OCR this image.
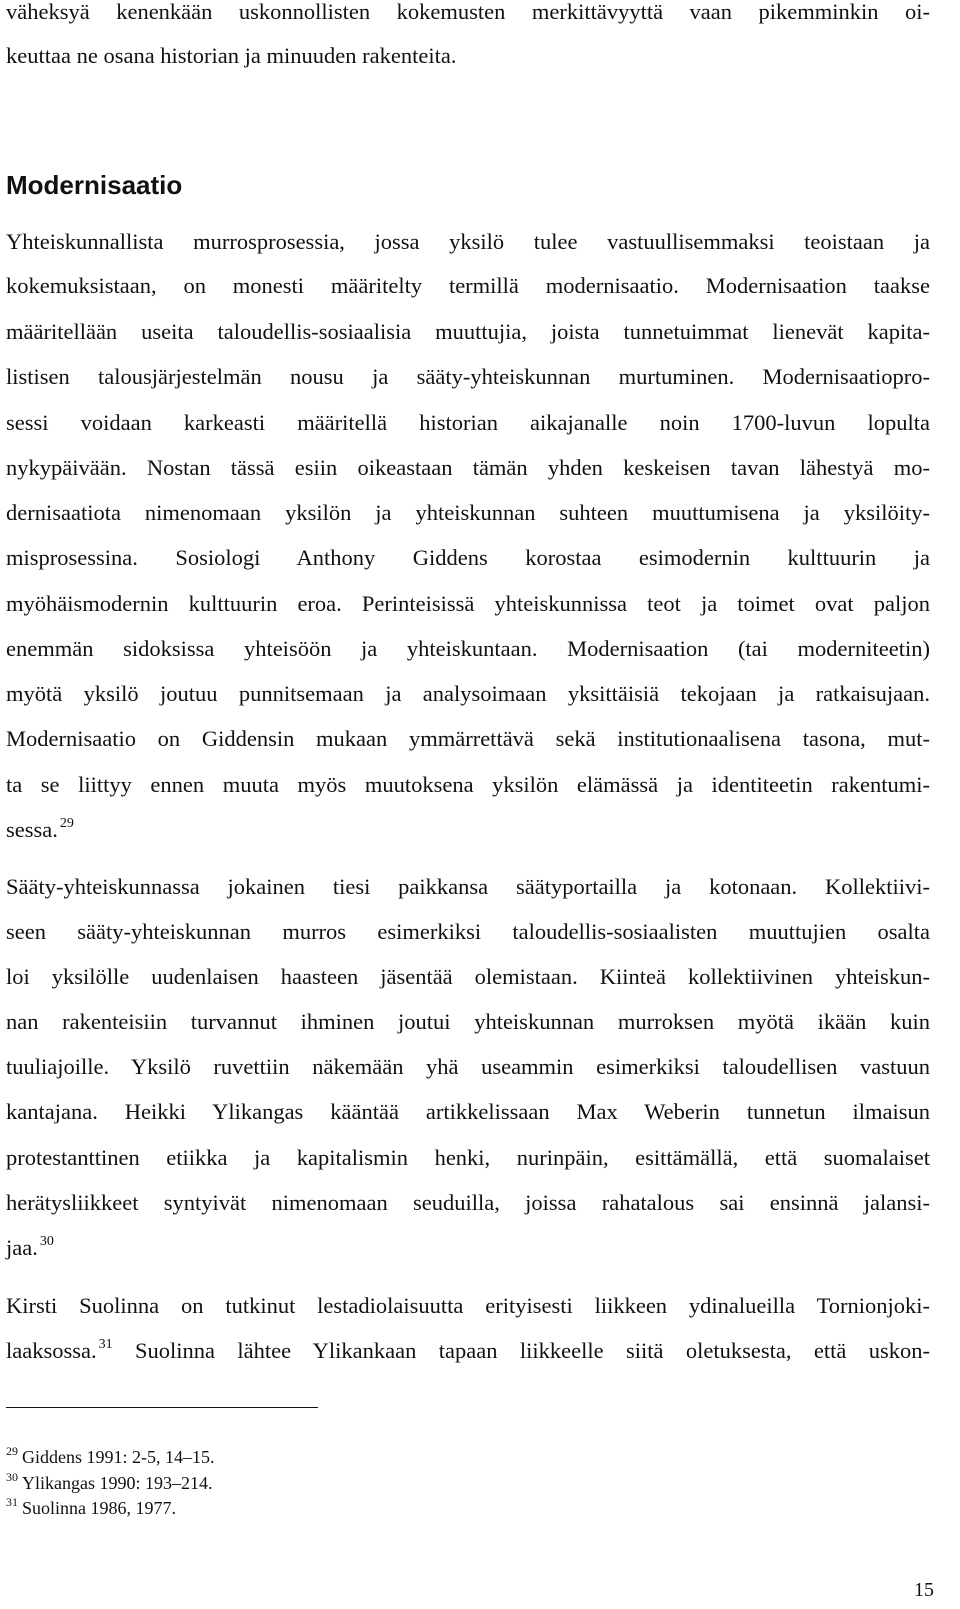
väheksyä kenenkään uskonnollisten kokemusten merkittävyyttä vaan pikemminkin oi-
keuttaa ne osana historian ja minuuden rakenteita.
Modernisaatio
Yhteiskunnallista murrosprosessia, jossa yksilö tulee vastuullisemmaksi teoistaan ja
kokemuksistaan, on monesti määritelty termillä modernisaatio. Modernisaation taakse
määritellään useita taloudellis-sosiaalisia muuttujia, joista tunnetuimmat lienevät kapita-
listisen talousjärjestelmän nousu ja sääty-yhteiskunnan murtuminen. Modernisaatiopro-
sessi voidaan karkeasti määritellä historian aikajanalle noin 1700-luvun lopulta
nykypäivään. Nostan tässä esiin oikeastaan tämän yhden keskeisen tavan lähestyä mo-
dernisaatiota nimenomaan yksilön ja yhteiskunnan suhteen muuttumisena ja yksilöity-
misprosessina. Sosiologi Anthony Giddens korostaa esimodernin kulttuurin ja
myöhäismodernin kulttuurin eroa. Perinteisissä yhteiskunnissa teot ja toimet ovat paljon
enemmän sidoksissa yhteisöön ja yhteiskuntaan. Modernisaation (tai moderniteetin)
myötä yksilö joutuu punnitsemaan ja analysoimaan yksittäisiä tekojaan ja ratkaisujaan.
Modernisaatio on Giddensin mukaan ymmärrettävä sekä institutionaalisena tasona, mut-
ta se liittyy ennen muuta myös muutoksena yksilön elämässä ja identiteetin rakentumi-
sessa. $^{29}$
Sääty-yhteiskunnassa jokainen tiesi paikkansa säätyportailla ja kotonaan. Kollektiivi-
seen sääty-yhteiskunnan murros esimerkiksi taloudellis-sosiaalisten muuttujien osalta
loi yksilölle uudenlaisen haasteen jäsentää olemistaan. Kiinteä kollektiivinen yhteiskun-
nan rakenteisiin turvannut ihminen joutui yhteiskunnan murroksen myötä ikään kuin
tuuliajoille. Yksilö ruvettiin näkemään yhä useammin esimerkiksi taloudellisen vastuun
kantajana. Heikki Ylikangas kääntää artikkelissaan Max Weberin tunnetun ilmaisun
protestanttinen etiikka ja kapitalismin henki, nurinpäin, esittämällä, että suomalaiset
herätysliikkeet syntyivät nimenomaan seuduilla, joissa rahatalous sai ensinnä jalansi-
jaa. $^{30}$
Kirsti Suolinna on tutkinut lestadiolaisuutta erityisesti liikkeen ydinalueilla Tornionjoki-
laaksossa. $^{31}$ Suolinna lähtee Ylikankaan tapaan liikkeelle siitä oletuksesta, että uskon-
$^{29}$ Giddens 1991: 2-5, 14–15.
$^{30}$ Ylikangas 1990: 193–214.
$^{31}$ Suolinna 1986, 1977.
15
